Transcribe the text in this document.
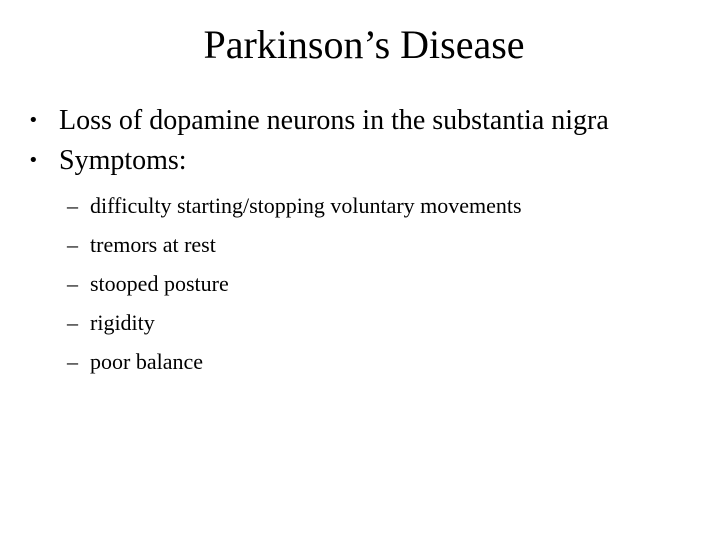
Parkinson’s Disease
• Loss of dopamine neurons in the substantia nigra
• Symptoms:
– difficulty starting/stopping voluntary movements
– tremors at rest
– stooped posture
– rigidity
– poor balance
